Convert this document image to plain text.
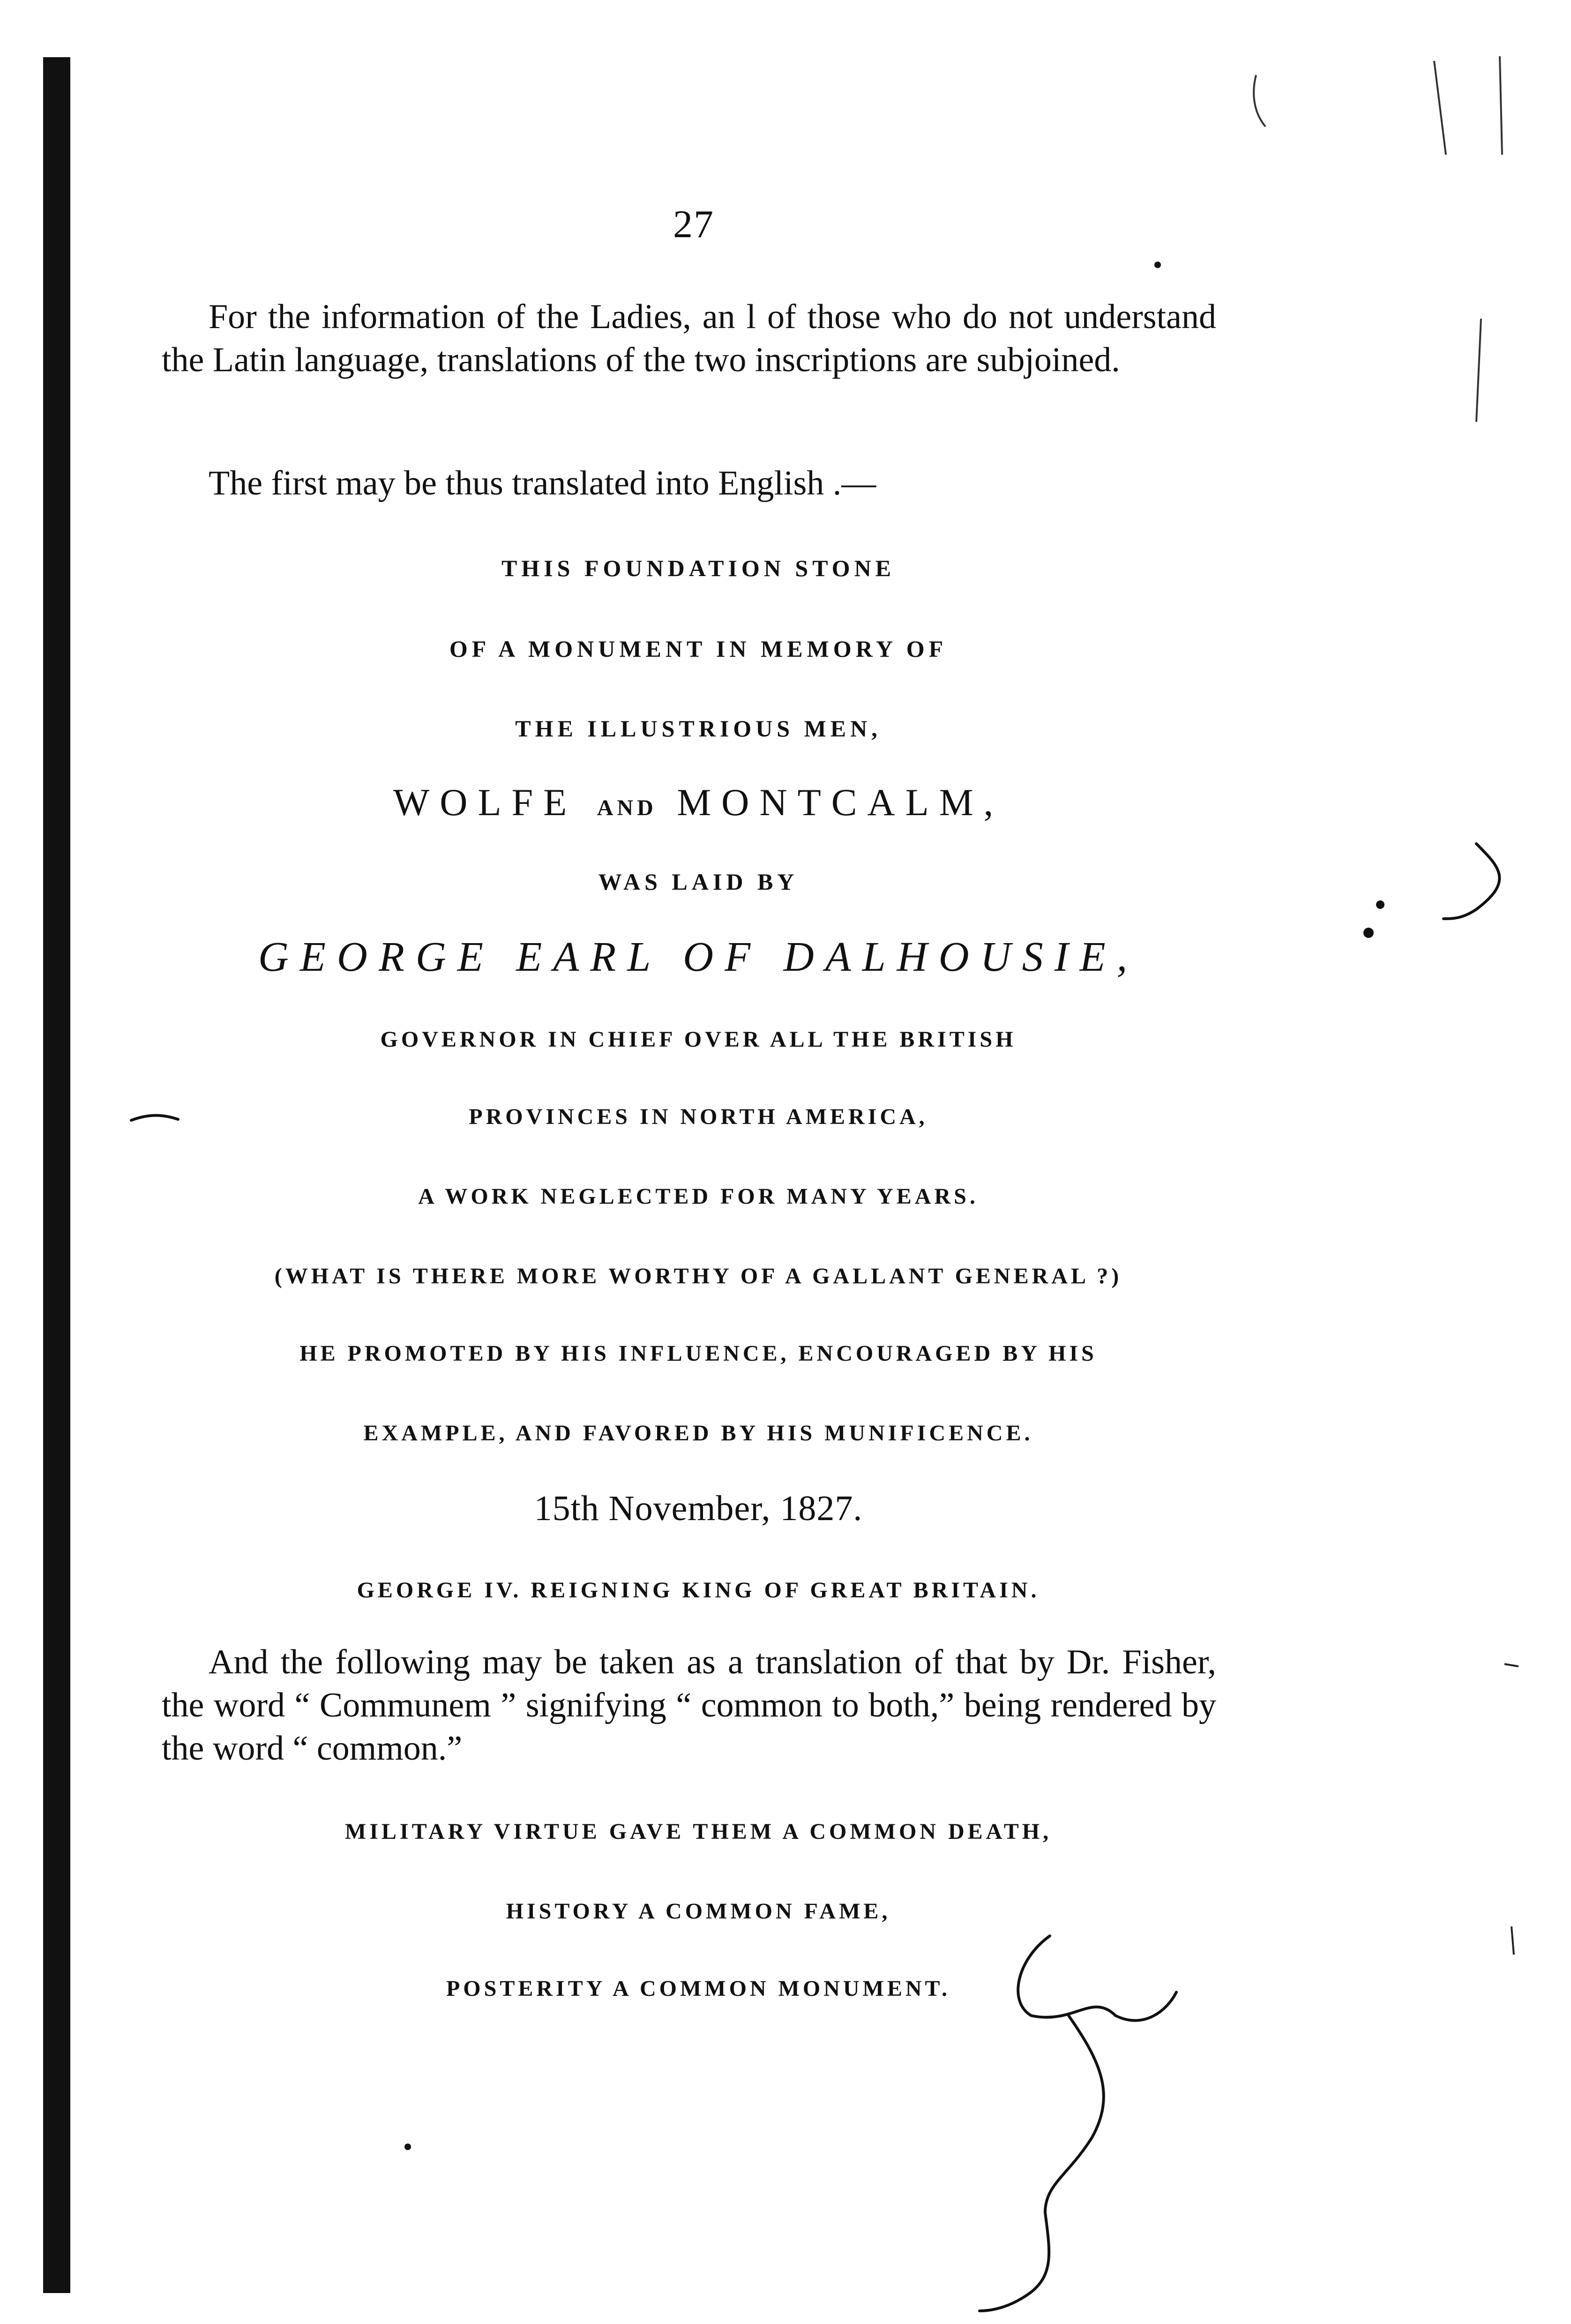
27

For the information of the Ladies, an l of those who do not understand the Latin language, translations of the two inscriptions are subjoined.

The first may be thus translated into English .—

THIS FOUNDATION STONE

OF A MONUMENT IN MEMORY OF

THE ILLUSTRIOUS MEN,

WOLFE AND MONTCALM,

WAS LAID BY

GEORGE EARL OF DALHOUSIE,

GOVERNOR IN CHIEF OVER ALL THE BRITISH

PROVINCES IN NORTH AMERICA,

A WORK NEGLECTED FOR MANY YEARS.

(WHAT IS THERE MORE WORTHY OF A GALLANT GENERAL ?)

HE PROMOTED BY HIS INFLUENCE, ENCOURAGED BY HIS

EXAMPLE, AND FAVORED BY HIS MUNIFICENCE.

15th November, 1827.

GEORGE IV. REIGNING KING OF GREAT BRITAIN.

And the following may be taken as a translation of that by Dr. Fisher, the word “ Communem ” signifying “ common to both,” being rendered by the word “ common.”

MILITARY VIRTUE GAVE THEM A COMMON DEATH,

HISTORY A COMMON FAME,

POSTERITY A COMMON MONUMENT.
